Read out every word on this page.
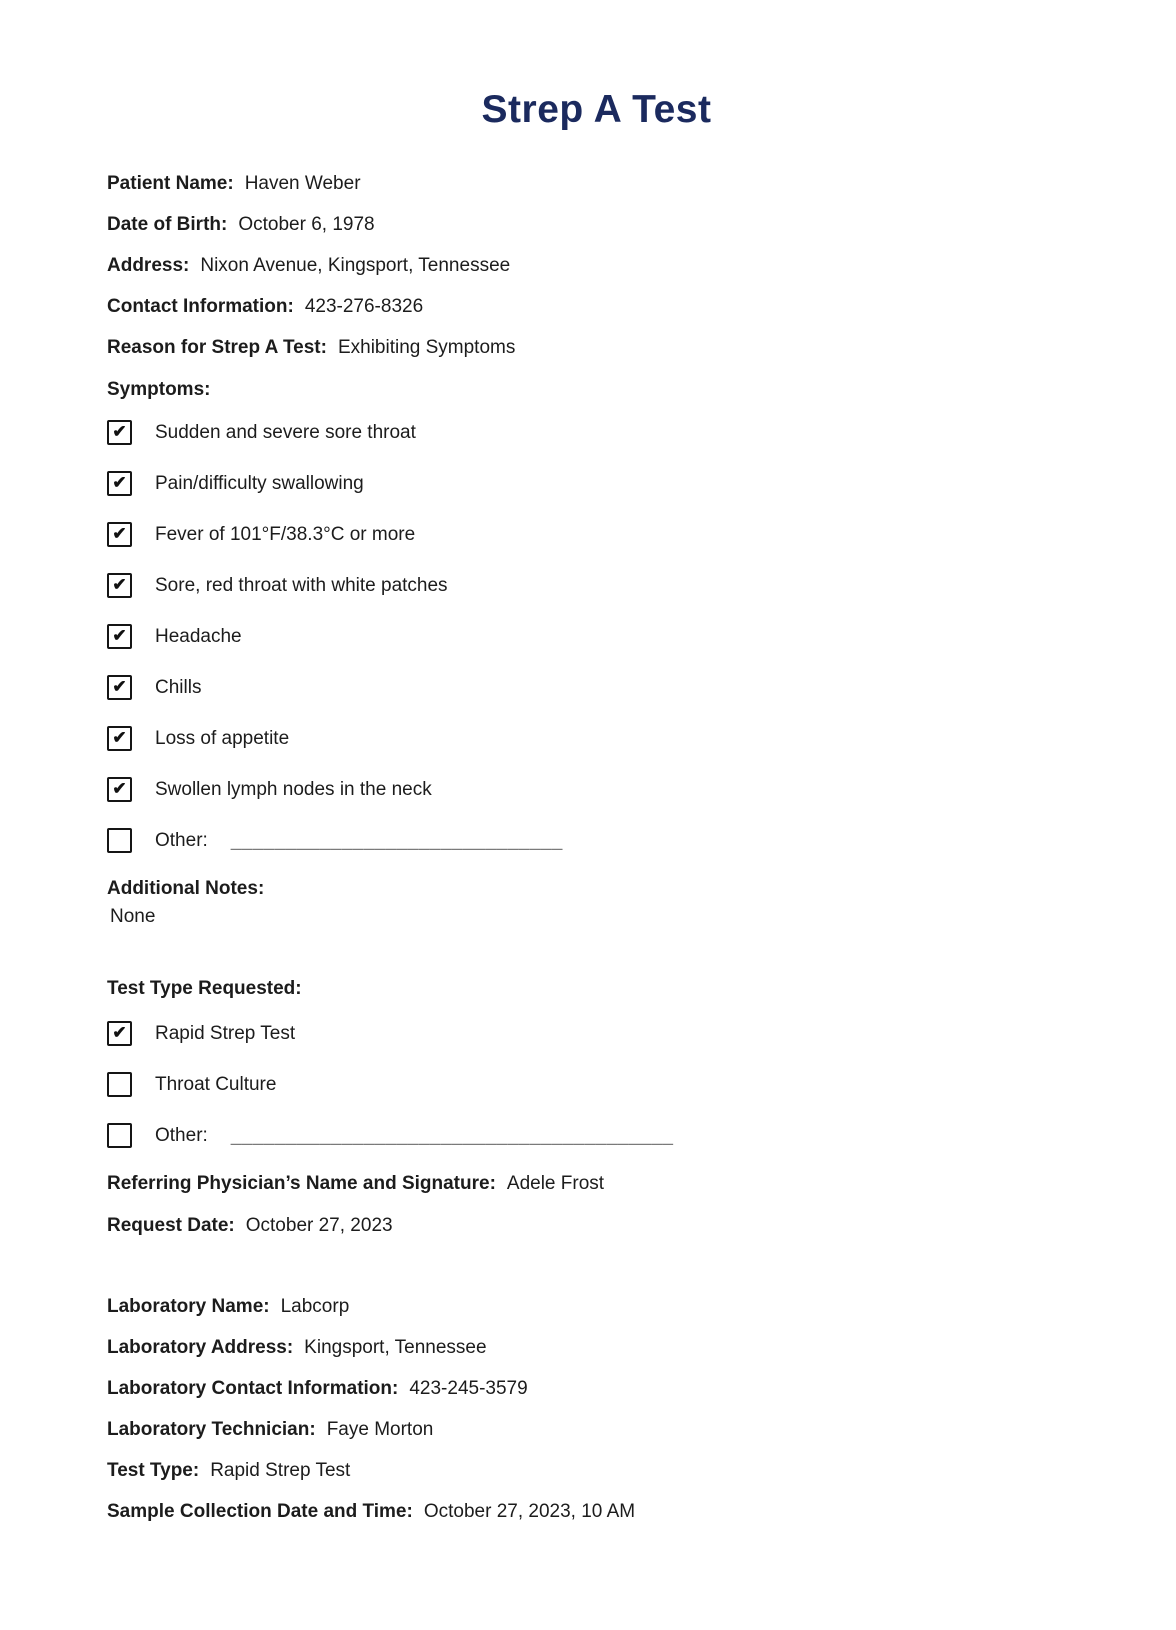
Strep A Test
Patient Name: Haven Weber
Date of Birth: October 6, 1978
Address: Nixon Avenue, Kingsport, Tennessee
Contact Information: 423-276-8326
Reason for Strep A Test: Exhibiting Symptoms
Symptoms:
✔ Sudden and severe sore throat
✔ Pain/difficulty swallowing
✔ Fever of 101°F/38.3°C or more
✔ Sore, red throat with white patches
✔ Headache
✔ Chills
✔ Loss of appetite
✔ Swollen lymph nodes in the neck
Other: ______________________________
Additional Notes:
None
Test Type Requested:
✔ Rapid Strep Test
Throat Culture
Other: ________________________________________
Referring Physician’s Name and Signature: Adele Frost
Request Date: October 27, 2023
Laboratory Name: Labcorp
Laboratory Address: Kingsport, Tennessee
Laboratory Contact Information: 423-245-3579
Laboratory Technician: Faye Morton
Test Type: Rapid Strep Test
Sample Collection Date and Time: October 27, 2023, 10 AM
